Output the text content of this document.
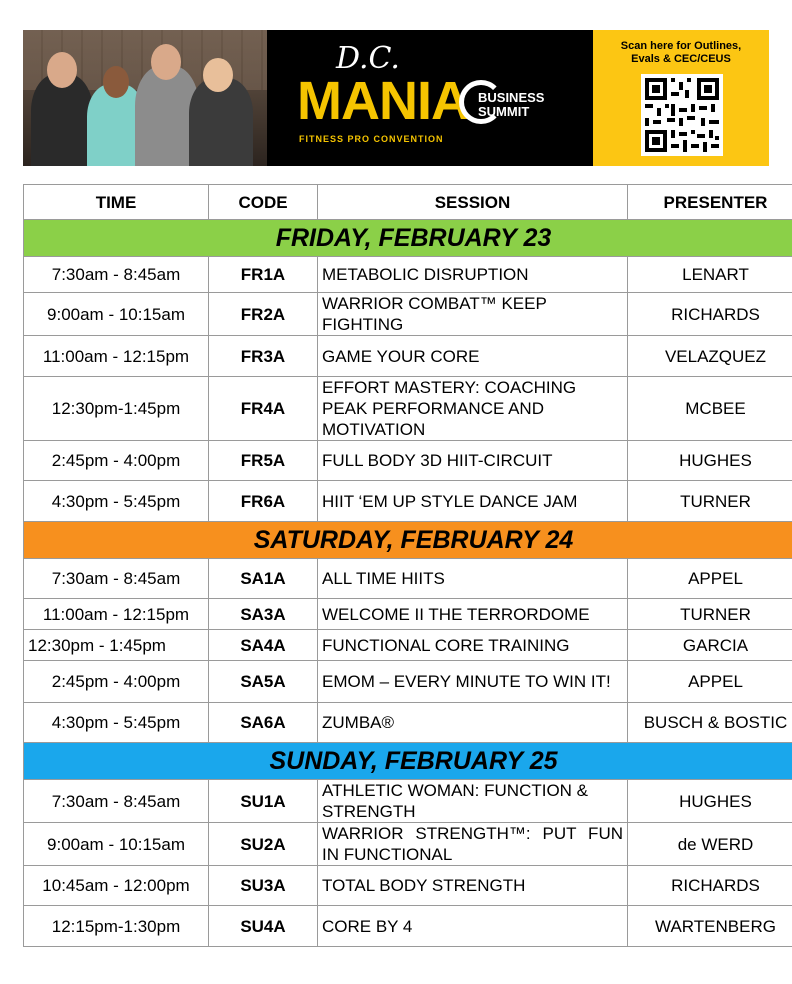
D.C.
MANIA
FITNESS PRO CONVENTION
BUSINESS
SUMMIT
Scan here for Outlines,
Evals & CEC/CEUS
TIME	CODE	SESSION	PRESENTER
FRIDAY, FEBRUARY 23			
7:30am - 8:45am	FR1A	METABOLIC DISRUPTION	LENART
9:00am - 10:15am	FR2A	WARRIOR COMBAT™ KEEP FIGHTING	RICHARDS
11:00am - 12:15pm	FR3A	GAME YOUR CORE	VELAZQUEZ
12:30pm-1:45pm	FR4A	EFFORT MASTERY: COACHING PEAK PERFORMANCE AND MOTIVATION	MCBEE
2:45pm - 4:00pm	FR5A	FULL BODY 3D HIIT-CIRCUIT	HUGHES
4:30pm - 5:45pm	FR6A	HIIT ‘EM UP STYLE DANCE JAM	TURNER
SATURDAY, FEBRUARY 24			
7:30am - 8:45am	SA1A	ALL TIME HIITS	APPEL
11:00am - 12:15pm	SA3A	WELCOME II THE TERRORDOME	TURNER
12:30pm - 1:45pm	SA4A	FUNCTIONAL CORE TRAINING	GARCIA
2:45pm - 4:00pm	SA5A	EMOM – EVERY MINUTE TO WIN IT!	APPEL
4:30pm - 5:45pm	SA6A	ZUMBA®	BUSCH & BOSTIC
SUNDAY, FEBRUARY 25			
7:30am - 8:45am	SU1A	ATHLETIC WOMAN: FUNCTION & STRENGTH	HUGHES
9:00am - 10:15am	SU2A	WARRIOR STRENGTH™: PUT FUN IN FUNCTIONAL	de WERD
10:45am - 12:00pm	SU3A	TOTAL BODY STRENGTH	RICHARDS
12:15pm-1:30pm	SU4A	CORE BY 4	WARTENBERG
